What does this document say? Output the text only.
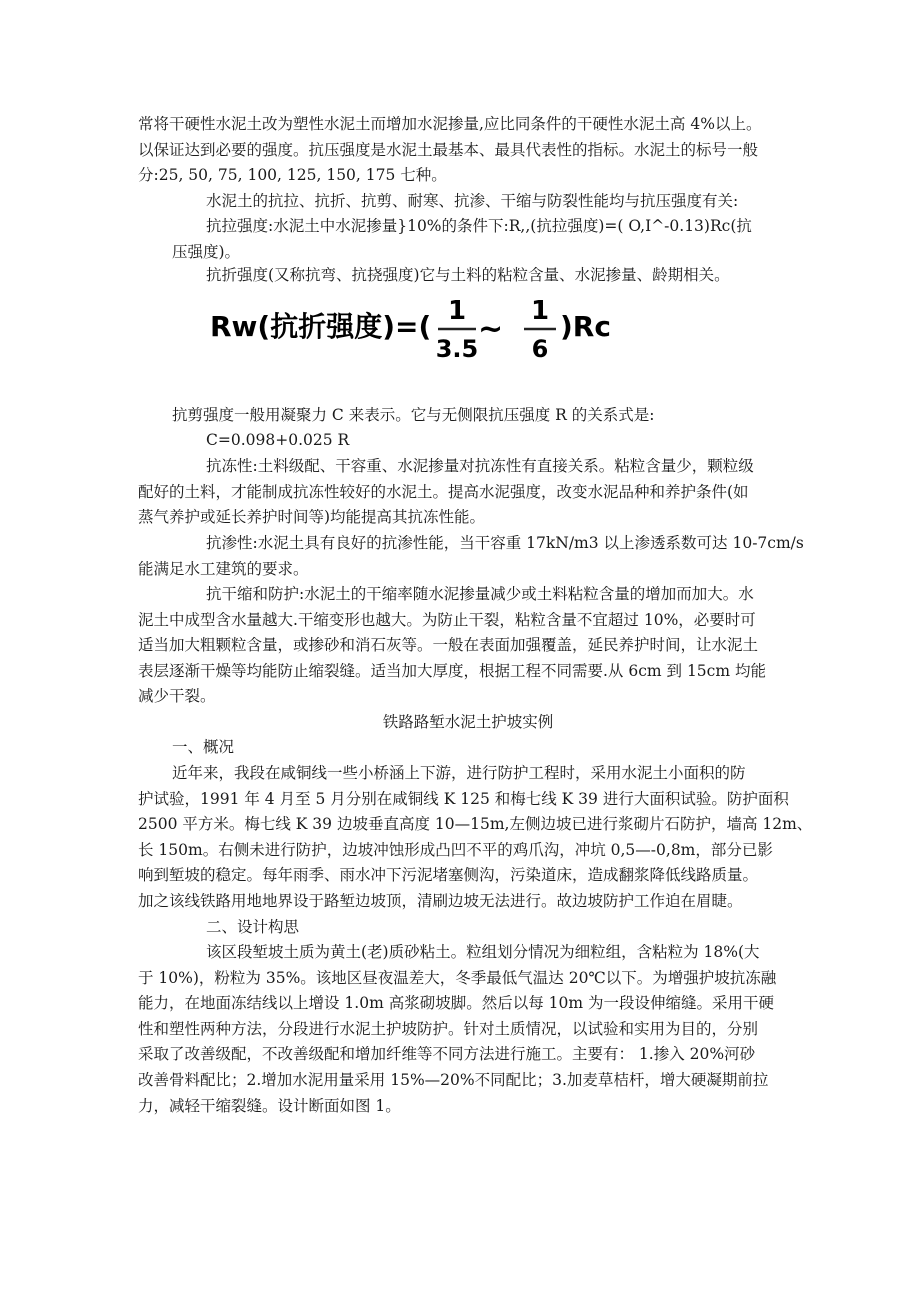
常将干硬性水泥土改为塑性水泥土而增加水泥掺量,应比同条件的干硬性水泥土高 4%以上。
以保证达到必要的强度。抗压强度是水泥土最基本、最具代表性的指标。水泥土的标号一般
分:25, 50, 75, 100, 125, 150, 175 七种。

水泥土的抗拉、抗折、抗剪、耐寒、抗渗、干缩与防裂性能均与抗压强度有关:

抗拉强度:水泥土中水泥掺量}10%的条件下:R,,(抗拉强度)=( O,I^-0.13)Rc(抗
压强度)。

抗折强度(又称抗弯、抗挠强度)它与土料的粘粒含量、水泥掺量、龄期相关。

Rw(抗折强度)=( 1
3.5
~
1
6
)Rc

抗剪强度一般用凝聚力 C 来表示。它与无侧限抗压强度 R 的关系式是:

C=0.098+0.025 R

抗冻性:土料级配、干容重、水泥掺量对抗冻性有直接关系。粘粒含量少，颗粒级
配好的土料，才能制成抗冻性较好的水泥土。提高水泥强度，改变水泥品种和养护条件(如
蒸气养护或延长养护时间等)均能提高其抗冻性能。

抗渗性:水泥土具有良好的抗渗性能，当干容重 17kN/m3 以上渗透系数可达 10-7cm/s
能满足水工建筑的要求。

抗干缩和防护:水泥土的干缩率随水泥掺量减少或土料粘粒含量的增加而加大。水
泥土中成型含水量越大.干缩变形也越大。为防止干裂，粘粒含量不宜超过 10%，必要时可
适当加大粗颗粒含量，或掺砂和消石灰等。一般在表面加强覆盖，延民养护时间，让水泥土
表层逐渐干燥等均能防止缩裂缝。适当加大厚度，根据工程不同需要.从 6cm 到 15cm 均能
减少干裂。

铁路路堑水泥土护坡实例
一、概况

近年来，我段在咸铜线一些小桥涵上下游，进行防护工程时，采用水泥土小面积的防
护试验，1991 年 4 月至 5 月分别在咸铜线 K 125 和梅七线 K 39 进行大面积试验。防护面积
2500 平方米。梅七线 K 39 边坡垂直高度 10—15m,左侧边坡已进行浆砌片石防护，墙高 12m、
长 150m。右侧未进行防护，边坡冲蚀形成凸凹不平的鸡爪沟，冲坑 0,5—-0,8m，部分已影
响到堑坡的稳定。每年雨季、雨水冲下污泥堵塞侧沟，污染道床，造成翻浆降低线路质量。
加之该线铁路用地地界设于路堑边坡顶，清刷边坡无法进行。故边坡防护工作迫在眉睫。

二、设计构思

该区段堑坡土质为黄土(老)质砂粘土。粒组划分情况为细粒组，含粘粒为 18%(大
于 10%)，粉粒为 35%。该地区昼夜温差大，冬季最低气温达 20℃以下。为增强护坡抗冻融
能力，在地面冻结线以上增设 1.0m 高浆砌坡脚。然后以每 10m 为一段设伸缩缝。采用干硬
性和塑性两种方法，分段进行水泥土护坡防护。针对土质情况，以试验和实用为目的，分别
采取了改善级配，不改善级配和增加纤维等不同方法进行施工。主要有： 1.掺入 20%河砂
改善骨料配比；2.增加水泥用量采用 15%—20%不同配比；3.加麦草桔杆，增大硬凝期前拉
力，减轻干缩裂缝。设计断面如图 1。
